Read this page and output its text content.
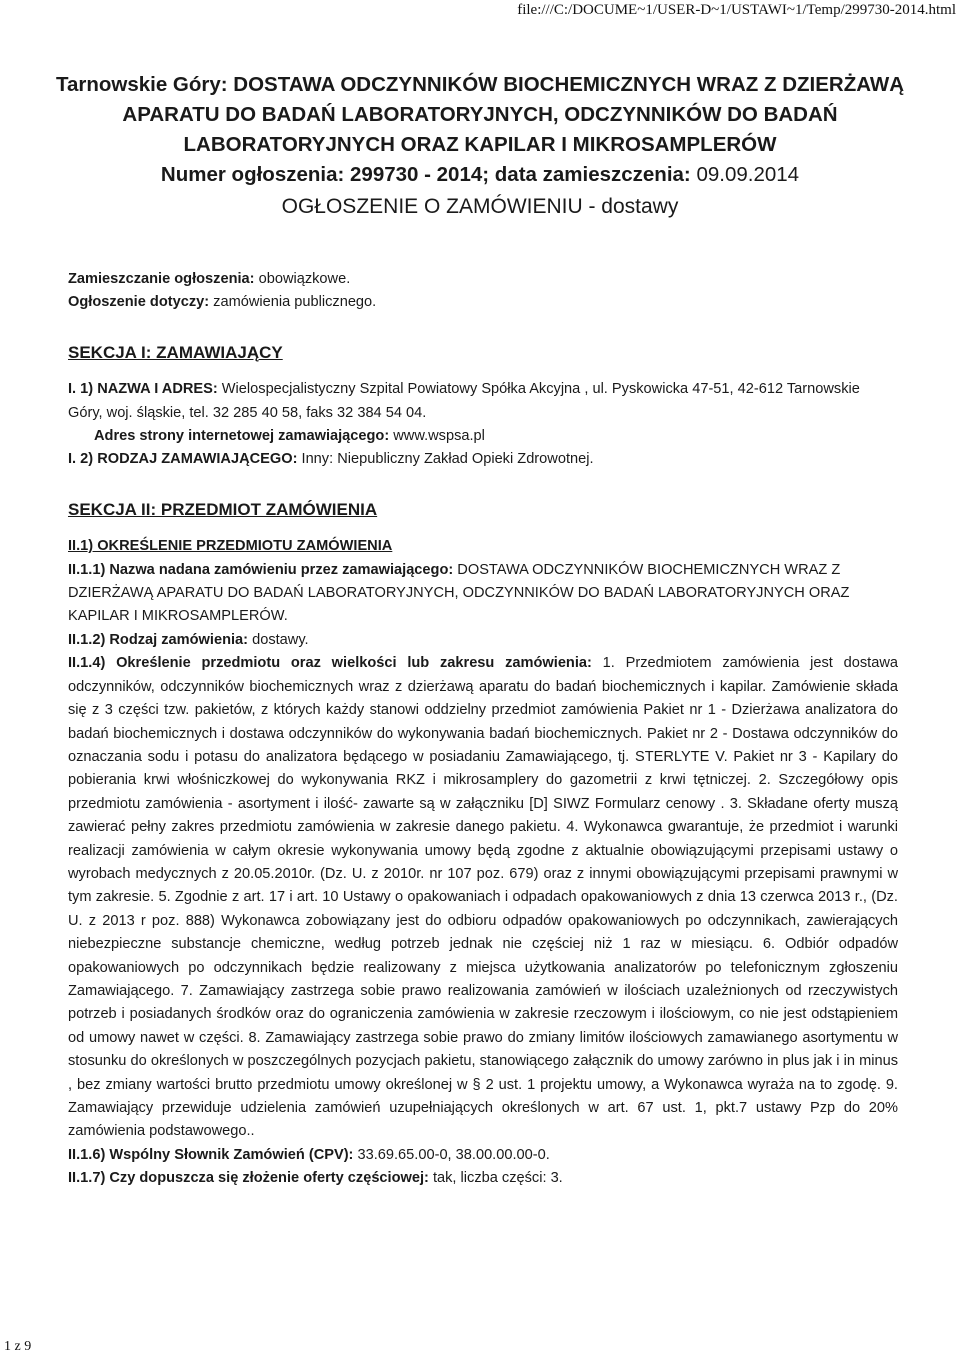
file:///C:/DOCUME~1/USER-D~1/USTAWI~1/Temp/299730-2014.html
Tarnowskie Góry: DOSTAWA ODCZYNNIKÓW BIOCHEMICZNYCH WRAZ Z DZIERŻAWĄ APARATU DO BADAŃ LABORATORYJNYCH, ODCZYNNIKÓW DO BADAŃ LABORATORYJNYCH ORAZ KAPILAR I MIKROSAMPLERÓW
Numer ogłoszenia: 299730 - 2014; data zamieszczenia: 09.09.2014
OGŁOSZENIE O ZAMÓWIENIU - dostawy

Zamieszczanie ogłoszenia: obowiązkowe.

Ogłoszenie dotyczy: zamówienia publicznego.

SEKCJA I: ZAMAWIAJĄCY

I. 1) NAZWA I ADRES: Wielospecjalistyczny Szpital Powiatowy Spółka Akcyjna , ul. Pyskowicka 47-51, 42-612 Tarnowskie Góry, woj. śląskie, tel. 32 285 40 58, faks 32 384 54 04.

Adres strony internetowej zamawiającego: www.wspsa.pl

I. 2) RODZAJ ZAMAWIAJĄCEGO: Inny: Niepubliczny Zakład Opieki Zdrowotnej.

SEKCJA II: PRZEDMIOT ZAMÓWIENIA

II.1) OKREŚLENIE PRZEDMIOTU ZAMÓWIENIA

II.1.1) Nazwa nadana zamówieniu przez zamawiającego: DOSTAWA ODCZYNNIKÓW BIOCHEMICZNYCH WRAZ Z DZIERŻAWĄ APARATU DO BADAŃ LABORATORYJNYCH, ODCZYNNIKÓW DO BADAŃ LABORATORYJNYCH ORAZ KAPILAR I MIKROSAMPLERÓW.

II.1.2) Rodzaj zamówienia: dostawy.

II.1.4) Określenie przedmiotu oraz wielkości lub zakresu zamówienia: 1. Przedmiotem zamówienia jest dostawa odczynników, odczynników biochemicznych wraz z dzierżawą aparatu do badań biochemicznych i kapilar. Zamówienie składa się z 3 części tzw. pakietów, z których każdy stanowi oddzielny przedmiot zamówienia Pakiet nr 1 - Dzierżawa analizatora do badań biochemicznych i dostawa odczynników do wykonywania badań biochemicznych. Pakiet nr 2 - Dostawa odczynników do oznaczania sodu i potasu do analizatora będącego w posiadaniu Zamawiającego, tj. STERLYTE V. Pakiet nr 3 - Kapilary do pobierania krwi włośniczkowej do wykonywania RKZ i mikrosamplery do gazometrii z krwi tętniczej. 2. Szczegółowy opis przedmiotu zamówienia - asortyment i ilość- zawarte są w załączniku [D] SIWZ Formularz cenowy . 3. Składane oferty muszą zawierać pełny zakres przedmiotu zamówienia w zakresie danego pakietu. 4. Wykonawca gwarantuje, że przedmiot i warunki realizacji zamówienia w całym okresie wykonywania umowy będą zgodne z aktualnie obowiązującymi przepisami ustawy o wyrobach medycznych z 20.05.2010r. (Dz. U. z 2010r. nr 107 poz. 679) oraz z innymi obowiązującymi przepisami prawnymi w tym zakresie. 5. Zgodnie z art. 17 i art. 10 Ustawy o opakowaniach i odpadach opakowaniowych z dnia 13 czerwca 2013 r., (Dz. U. z 2013 r poz. 888) Wykonawca zobowiązany jest do odbioru odpadów opakowaniowych po odczynnikach, zawierających niebezpieczne substancje chemiczne, według potrzeb jednak nie częściej niż 1 raz w miesiącu. 6. Odbiór odpadów opakowaniowych po odczynnikach będzie realizowany z miejsca użytkowania analizatorów po telefonicznym zgłoszeniu Zamawiającego. 7. Zamawiający zastrzega sobie prawo realizowania zamówień w ilościach uzależnionych od rzeczywistych potrzeb i posiadanych środków oraz do ograniczenia zamówienia w zakresie rzeczowym i ilościowym, co nie jest odstąpieniem od umowy nawet w części. 8. Zamawiający zastrzega sobie prawo do zmiany limitów ilościowych zamawianego asortymentu w stosunku do określonych w poszczególnych pozycjach pakietu, stanowiącego załącznik do umowy zarówno in plus jak i in minus , bez zmiany wartości brutto przedmiotu umowy określonej w § 2 ust. 1 projektu umowy, a Wykonawca wyraża na to zgodę. 9. Zamawiający przewiduje udzielenia zamówień uzupełniających określonych w art. 67 ust. 1, pkt.7 ustawy Pzp do 20% zamówienia podstawowego..

II.1.6) Wspólny Słownik Zamówień (CPV): 33.69.65.00-0, 38.00.00.00-0.

II.1.7) Czy dopuszcza się złożenie oferty częściowej: tak, liczba części: 3.

1 z 9
